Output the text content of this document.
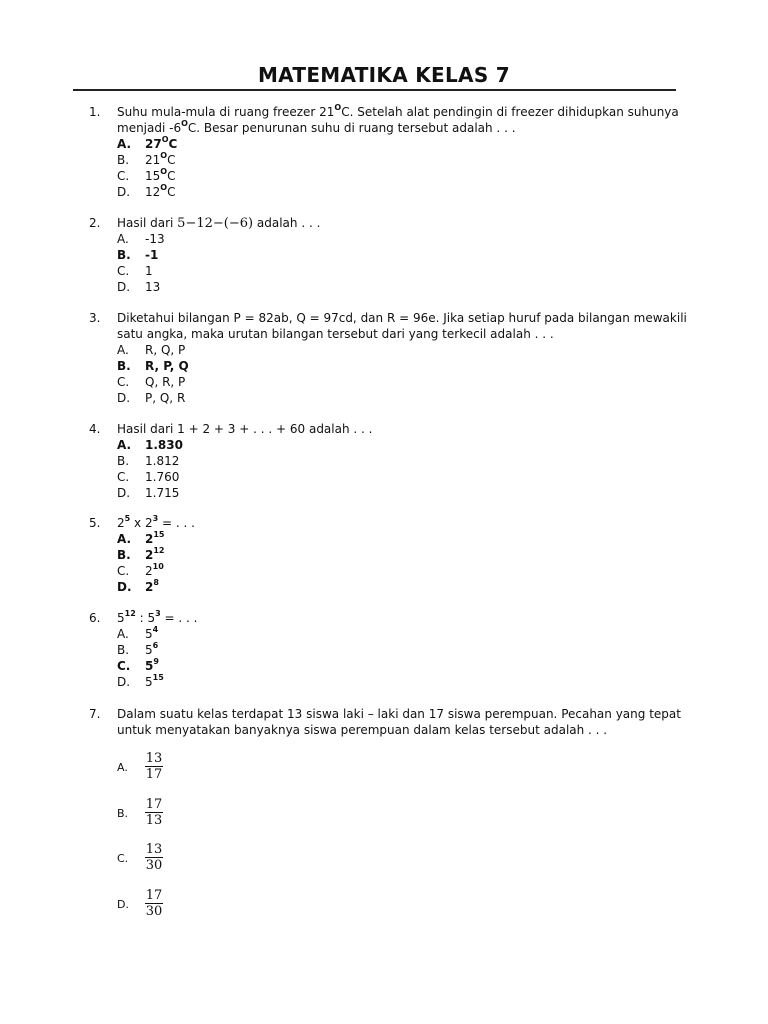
MATEMATIKA KELAS 7
1. Suhu mula-mula di ruang freezer $21^OC$. Setelah alat pendingin di freezer dihidupkan suhunya
menjadi $-6^OC$. Besar penurunan suhu di ruang tersebut adalah . . .
A. $27^OC$
B. $21^OC$
C. $15^OC$
D. $12^OC$
2. Hasil dari 5−12−(−6) adalah . . .
A. -13
B. -1
C. 1
D. 13
3. Diketahui bilangan P = 82ab, Q = 97cd, dan R = 96e. Jika setiap huruf pada bilangan mewakili
satu angka, maka urutan bilangan tersebut dari yang terkecil adalah . . .
A. R, Q, P
B. R, P, Q
C. Q, R, P
D. P, Q, R
4. Hasil dari 1 + 2 + 3 + . . . + 60 adalah . . .
A. 1.830
B. 1.812
C. 1.760
D. 1.715
5. $2^5$ x $2^3$ = . . .
A. $2^{15}$
B. $2^{12}$
C. $2^{10}$
D. $2^8$
6. $5^{12}$ : $5^3$ = . . .
A. $5^4$
B. $5^6$
C. $5^9$
D. $5^{15}$
7. Dalam suatu kelas terdapat 13 siswa laki – laki dan 17 siswa perempuan. Pecahan yang tepat
untuk menyatakan banyaknya siswa perempuan dalam kelas tersebut adalah . . .
A. $\frac{13}{17}$
B. $\frac{17}{13}$
C. $\frac{13}{30}$
D. $\frac{17}{30}$
